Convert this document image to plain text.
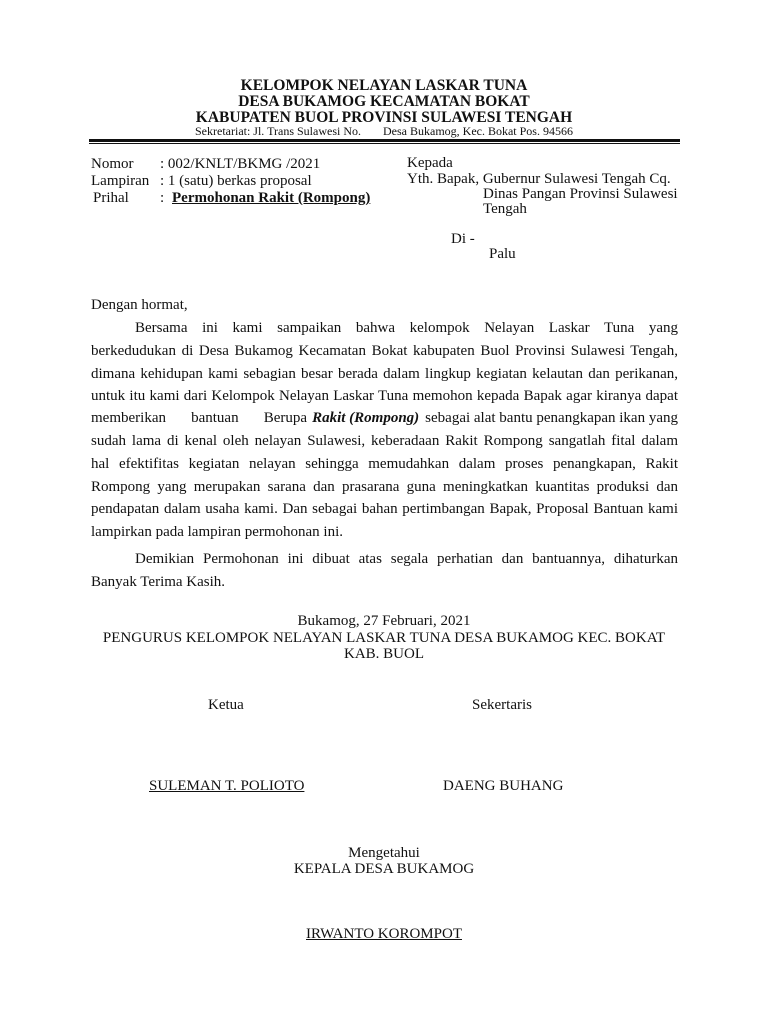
KELOMPOK NELAYAN LASKAR TUNA
DESA BUKAMOG KECAMATAN BOKAT
KABUPATEN BUOL PROVINSI SULAWESI TENGAH
Sekretariat: Jl. Trans Sulawesi No. Desa Bukamog, Kec. Bokat Pos. 94566
Nomor : 002/KNLT/BKMG /2021
Lampiran : 1 (satu) berkas proposal
Prihal : Permohonan Rakit (Rompong)
Kepada
Yth. Bapak, Gubernur Sulawesi Tengah Cq.
Dinas Pangan Provinsi Sulawesi
Tengah
Di -
Palu
Dengan hormat,
Bersama ini kami sampaikan bahwa kelompok Nelayan Laskar Tuna yang
berkedudukan di Desa Bukamog Kecamatan Bokat kabupaten Buol Provinsi Sulawesi Tengah,
dimana kehidupan kami sebagian besar berada dalam lingkup kegiatan kelautan dan perikanan,
untuk itu kami dari Kelompok Nelayan Laskar Tuna memohon kepada Bapak agar kiranya dapat
memberikan bantuan Berupa Rakit (Rompong) sebagai alat bantu penangkapan ikan yang
sudah lama di kenal oleh nelayan Sulawesi, keberadaan Rakit Rompong sangatlah fital dalam
hal efektifitas kegiatan nelayan sehingga memudahkan dalam proses penangkapan, Rakit
Rompong yang merupakan sarana dan prasarana guna meningkatkan kuantitas produksi dan
pendapatan dalam usaha kami. Dan sebagai bahan pertimbangan Bapak, Proposal Bantuan kami
lampirkan pada lampiran permohonan ini.
Demikian Permohonan ini dibuat atas segala perhatian dan bantuannya, dihaturkan
Banyak Terima Kasih.
Bukamog, 27 Februari, 2021
PENGURUS KELOMPOK NELAYAN LASKAR TUNA DESA BUKAMOG KEC. BOKAT
KAB. BUOL
Ketua	Sekertaris
SULEMAN T. POLIOTO	DAENG BUHANG
Mengetahui
KEPALA DESA BUKAMOG
IRWANTO KOROMPOT
